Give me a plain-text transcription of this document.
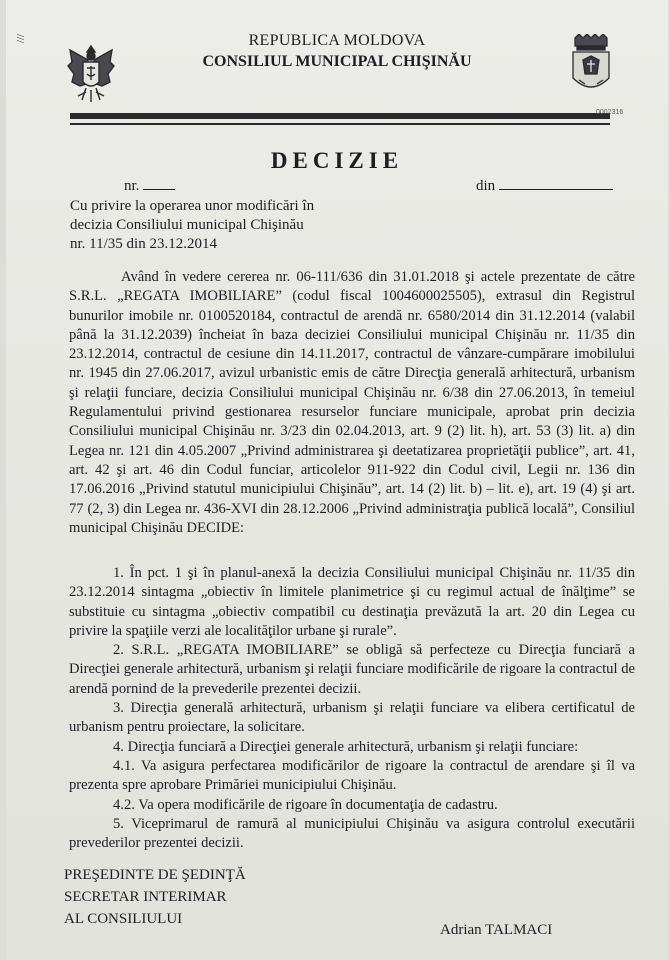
///	REPUBLICA MOLDOVA
CONSILIUL MUNICIPAL CHIŞINĂU
0002316
DECIZIE
nr.	din
Cu privire la operarea unor modificări în
decizia Consiliului municipal Chişinău
nr. 11/35 din 23.12.2014
Având în vedere cererea nr. 06-111/636 din 31.01.2018 şi actele prezentate de către S.R.L. „REGATA IMOBILIARE” (codul fiscal 1004600025505), extrasul din Registrul bunurilor imobile nr. 0100520184, contractul de arendă nr. 6580/2014 din 31.12.2014 (valabil până la 31.12.2039) încheiat în baza deciziei Consiliului municipal Chişinău nr. 11/35 din 23.12.2014, contractul de cesiune din 14.11.2017, contractul de vânzare-cumpărare imobilului nr. 1945 din 27.06.2017, avizul urbanistic emis de către Direcţia generală arhitectură, urbanism şi relaţii funciare, decizia Consiliului municipal Chişinău nr. 6/38 din 27.06.2013, în temeiul Regulamentului privind gestionarea resurselor funciare municipale, aprobat prin decizia Consiliului municipal Chişinău nr. 3/23 din 02.04.2013, art. 9 (2) lit. h), art. 53 (3) lit. a) din Legea nr. 121 din 4.05.2007 „Privind administrarea şi deetatizarea proprietăţii publice”, art. 41, art. 42 şi art. 46 din Codul funciar, articolelor 911-922 din Codul civil, Legii nr. 136 din 17.06.2016 „Privind statutul municipiului Chişinău”, art. 14 (2) lit. b) – lit. e), art. 19 (4) şi art. 77 (2, 3) din Legea nr. 436-XVI din 28.12.2006 „Privind administraţia publică locală”, Consiliul municipal Chişinău DECIDE:

1. În pct. 1 şi în planul-anexă la decizia Consiliului municipal Chişinău nr. 11/35 din 23.12.2014 sintagma „obiectiv în limitele planimetrice şi cu regimul actual de înălţime” se substituie cu sintagma „obiectiv compatibil cu destinaţia prevăzută la art. 20 din Legea cu privire la spaţiile verzi ale localităţilor urbane şi rurale”.

2. S.R.L. „REGATA IMOBILIARE” se obligă să perfecteze cu Direcţia funciară a Direcţiei generale arhitectură, urbanism şi relaţii funciare modificările de rigoare la contractul de arendă pornind de la prevederile prezentei decizii.

3. Direcţia generală arhitectură, urbanism şi relaţii funciare va elibera certificatul de urbanism pentru proiectare, la solicitare.

4. Direcţia funciară a Direcţiei generale arhitectură, urbanism şi relaţii funciare:

4.1. Va asigura perfectarea modificărilor de rigoare la contractul de arendare şi îl va prezenta spre aprobare Primăriei municipiului Chişinău.

4.2. Va opera modificările de rigoare în documentaţia de cadastru.

5. Viceprimarul de ramură al municipiului Chişinău va asigura controlul executării prevederilor prezentei decizii.

PREŞEDINTE DE ŞEDINŢĂ
SECRETAR INTERIMAR
AL CONSILIULUI
Adrian TALMACI
